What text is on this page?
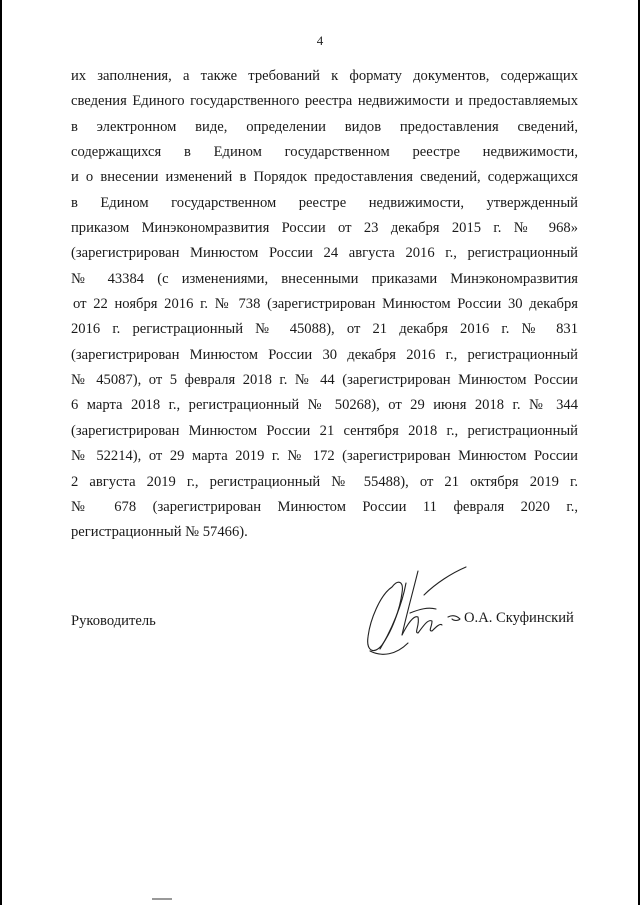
4

их заполнения, а также требований к формату документов, содержащих
сведения Единого государственного реестра недвижимости и предоставляемых
в электронном виде, определении видов предоставления сведений,
содержащихся в Едином государственном реестре недвижимости,
и о внесении изменений в Порядок предоставления сведений, содержащихся
в Едином государственном реестре недвижимости, утвержденный
приказом Минэкономразвития России от 23 декабря 2015 г. № 968»
(зарегистрирован Минюстом России 24 августа 2016 г., регистрационный
№ 43384 (с изменениями, внесенными приказами Минэкономразвития
от 22 ноября 2016 г. № 738 (зарегистрирован Минюстом России 30 декабря
2016 г. регистрационный № 45088), от 21 декабря 2016 г. № 831
(зарегистрирован Минюстом России 30 декабря 2016 г., регистрационный
№ 45087), от 5 февраля 2018 г. № 44 (зарегистрирован Минюстом России
6 марта 2018 г., регистрационный № 50268), от 29 июня 2018 г. № 344
(зарегистрирован Минюстом России 21 сентября 2018 г., регистрационный
№ 52214), от 29 марта 2019 г. № 172 (зарегистрирован Минюстом России
2 августа 2019 г., регистрационный № 55488), от 21 октября 2019 г.
№ 678 (зарегистрирован Минюстом России 11 февраля 2020 г.,
регистрационный № 57466).

Руководитель	О.А. Скуфинский
